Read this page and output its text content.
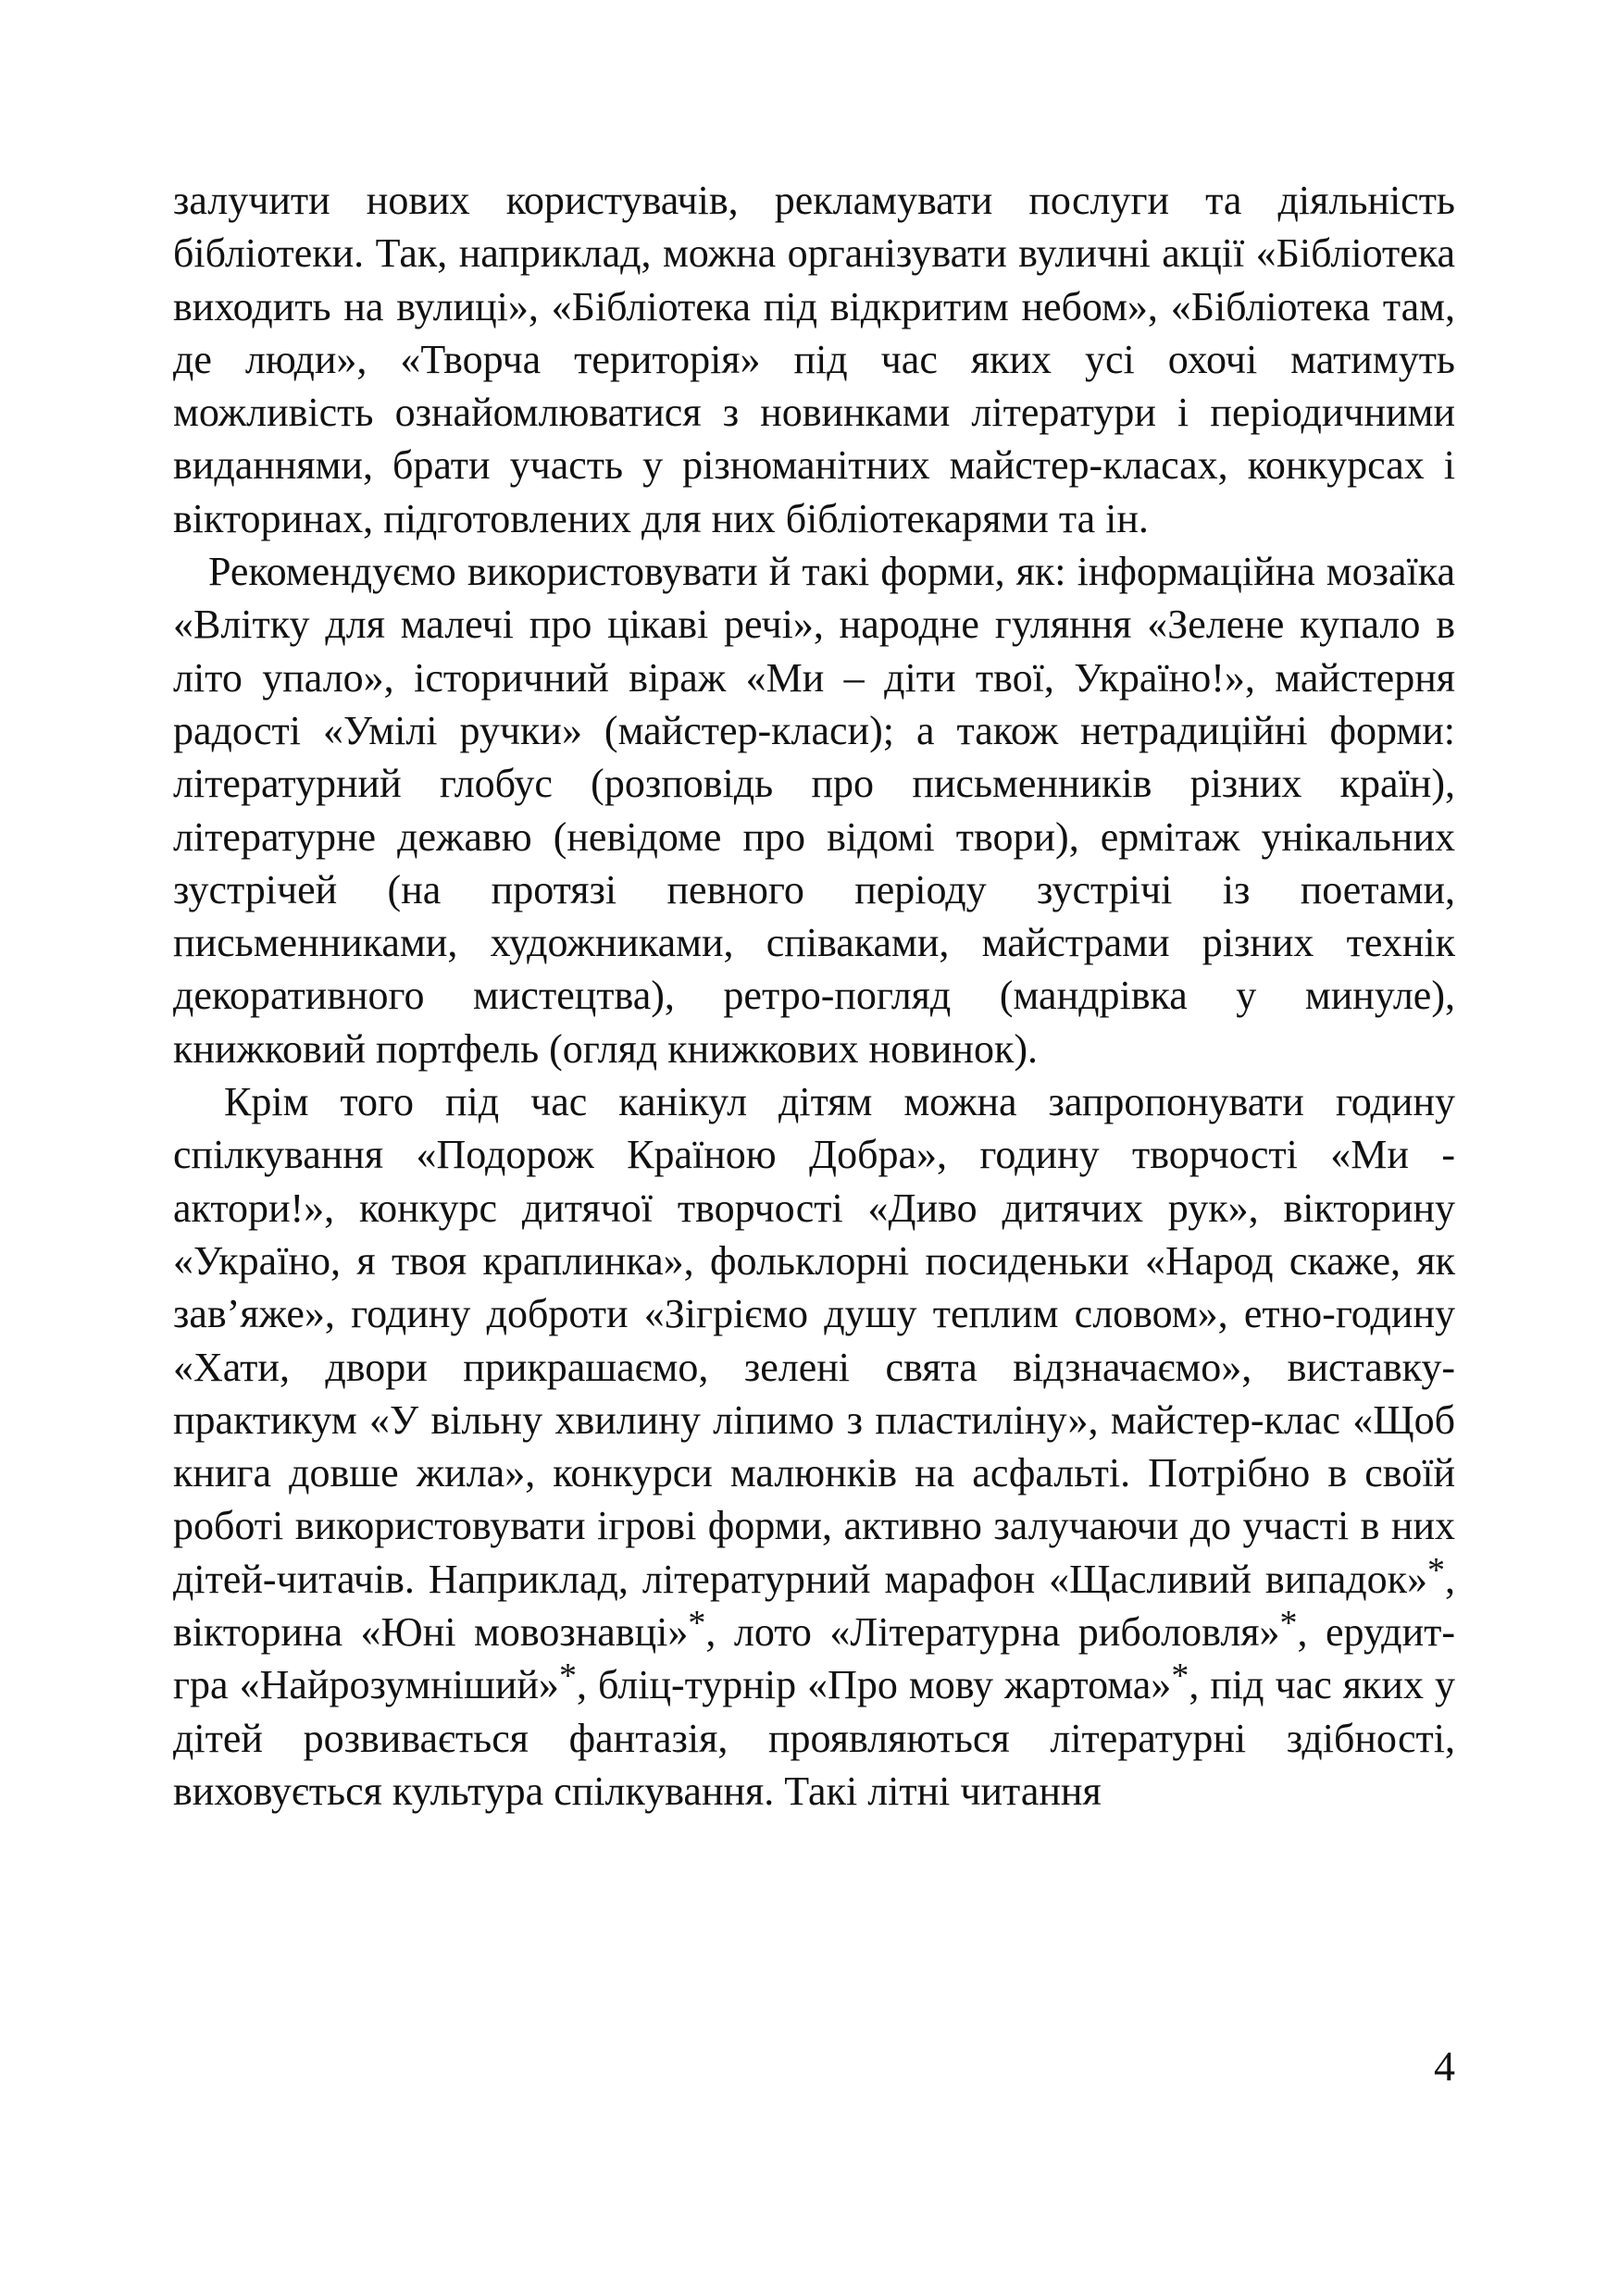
залучити нових користувачів, рекламувати послуги та діяльність бібліотеки. Так, наприклад, можна організувати вуличні акції «Бібліотека виходить на вулиці», «Бібліотека під відкритим небом», «Бібліотека там, де люди», «Творча територія» під час яких усі охочі матимуть можливість ознайомлюватися з новинками літератури і періодичними виданнями, брати участь у різноманітних майстер-класах, конкурсах і вікторинах, підготовлених для них бібліотекарями та ін.

Рекомендуємо використовувати й такі форми, як: інформаційна мозаїка «Влітку для малечі про цікаві речі», народне гуляння «Зелене купало в літо упало», історичний віраж «Ми – діти твої, Україно!», майстерня радості «Умілі ручки» (майстер-класи); а також нетрадиційні форми: літературний глобус (розповідь про письменників різних країн), літературне дежавю (невідоме про відомі твори), ермітаж унікальних зустрічей (на протязі певного періоду зустрічі із поетами, письменниками, художниками, співаками, майстрами різних технік декоративного мистецтва), ретро-погляд (мандрівка у минуле), книжковий портфель (огляд книжкових новинок).

Крім того під час канікул дітям можна запропонувати годину спілкування «Подорож Країною Добра», годину творчості «Ми - актори!», конкурс дитячої творчості «Диво дитячих рук», вікторину «Україно, я твоя краплинка», фольклорні посиденьки «Народ скаже, як зав’яже», годину доброти «Зігріємо душу теплим словом», етно-годину «Хати, двори прикрашаємо, зелені свята відзначаємо», виставку-практикум «У вільну хвилину ліпимо з пластиліну», майстер-клас «Щоб книга довше жила», конкурси малюнків на асфальті. Потрібно в своїй роботі використовувати ігрові форми, активно залучаючи до участі в них дітей-читачів. Наприклад, літературний марафон «Щасливий випадок»*, вікторина «Юні мовознавці»*, лото «Літературна риболовля»*, ерудит-гра «Найрозумніший»*, бліц-турнір «Про мову жартома»*, під час яких у дітей розвивається фантазія, проявляються літературні здібності, виховується культура спілкування. Такі літні читання

4
